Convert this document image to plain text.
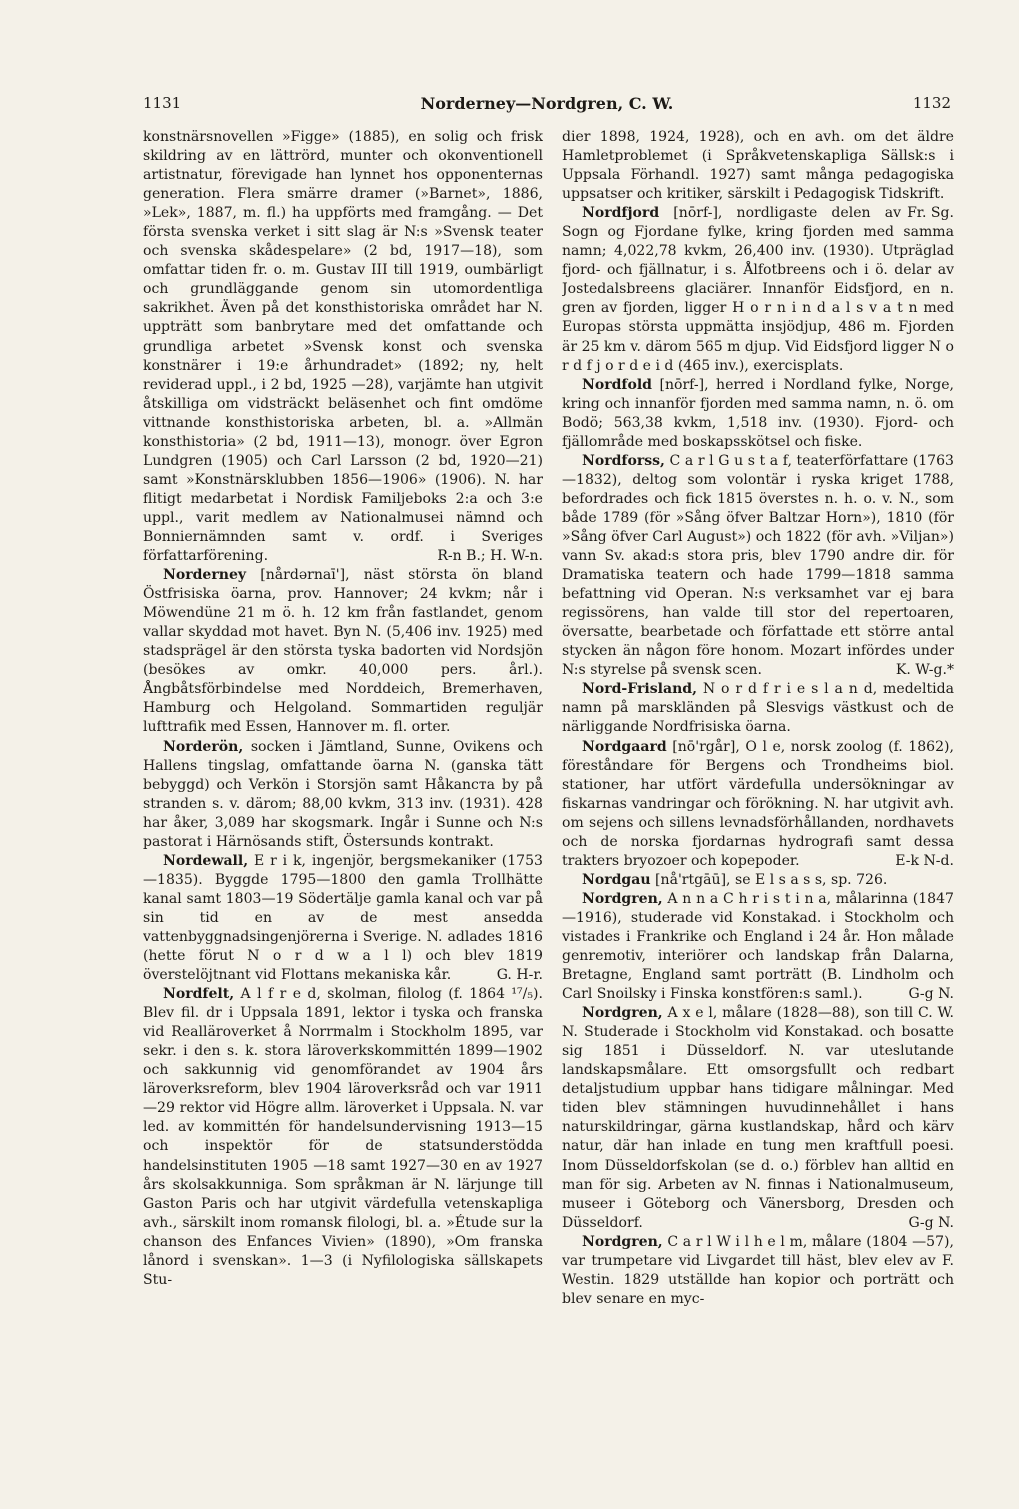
1131	Norderney—Nordgren, C. W.	1132

konstnärsnovellen »Figge» (1885), en solig och frisk skildring av en lättrörd, munter och okonventionell artistnatur, förevigade han lynnet hos opponenternas generation. Flera smärre dramer (»Barnet», 1886, »Lek», 1887, m. fl.) ha uppförts med framgång. — Det första svenska verket i sitt slag är N:s »Svensk teater och svenska skådespelare» (2 bd, 1917—18), som omfattar tiden fr. o. m. Gustav III till 1919, oumbärligt och grundläggande genom sin utomordentliga sakrikhet. Även på det konsthistoriska området har N. uppträtt som banbrytare med det omfattande och grundliga arbetet »Svensk konst och svenska konstnärer i 19:e århundradet» (1892; ny, helt reviderad uppl., i 2 bd, 1925 —28), varjämte han utgivit åtskilliga om vidsträckt beläsenhet och fint omdöme vittnande konsthistoriska arbeten, bl. a. »Allmän konsthistoria» (2 bd, 1911—13), monogr. över Egron Lundgren (1905) och Carl Larsson (2 bd, 1920—21) samt »Konstnärsklubben 1856—1906» (1906). N. har flitigt medarbetat i Nordisk Familjeboks 2:a och 3:e uppl., varit medlem av Nationalmusei nämnd och Bonniernämnden samt v. ordf. i Sveriges författarförening.	R-n B.; H. W-n.

Norderney [nårdərnaī'], näst största ön bland Östfrisiska öarna, prov. Hannover; 24 kvkm; når i Möwendüne 21 m ö. h. 12 km från fastlandet, genom vallar skyddad mot havet. Byn N. (5,406 inv. 1925) med stadsprägel är den största tyska badorten vid Nordsjön (besökes av omkr. 40,000 pers. årl.). Ångbåtsförbindelse med Norddeich, Bremerhaven, Hamburg och Helgoland. Sommartiden reguljär lufttrafik med Essen, Hannover m. fl. orter.

Norderön, socken i Jämtland, Sunne, Ovikens och Hallens tingslag, omfattande öarna N. (ganska tätt bebyggd) och Verkön i Storsjön samt Håkanста by på stranden s. v. därom; 88,00 kvkm, 313 inv. (1931). 428 har åker, 3,089 har skogsmark. Ingår i Sunne och N:s pastorat i Härnösands stift, Östersunds kontrakt.

Nordewall, E r i k, ingenjör, bergsmekaniker (1753—1835). Byggde 1795—1800 den gamla Trollhätte kanal samt 1803—19 Södertälje gamla kanal och var på sin tid en av de mest ansedda vattenbyggnadsingenjörerna i Sverige. N. adlades 1816 (hette förut N o r d w a l l) och blev 1819 överstelöjtnant vid Flottans mekaniska kår.	G. H-r.

Nordfelt, A l f r e d, skolman, filolog (f. 1864 ¹⁷/₅). Blev fil. dr i Uppsala 1891, lektor i tyska och franska vid Realläroverket å Norrmalm i Stockholm 1895, var sekr. i den s. k. stora läroverkskommittén 1899—1902 och sakkunnig vid genomförandet av 1904 års läroverksreform, blev 1904 läroverksråd och var 1911—29 rektor vid Högre allm. läroverket i Uppsala. N. var led. av kommittén för handelsundervisning 1913—15 och inspektör för de statsunderstödda handelsinstituten 1905 —18 samt 1927—30 en av 1927 års skolsakkunniga. Som språkman är N. lärjunge till Gaston Paris och har utgivit värdefulla vetenskapliga avh., särskilt inom romansk filologi, bl. a. »Étude sur la chanson des Enfances Vivien» (1890), »Om franska lånord i svenskan». 1—3 (i Nyfilologiska sällskapets Stu-

dier 1898, 1924, 1928), och en avh. om det äldre Hamletproblemet (i Språkvetenskapliga Sällsk:s i Uppsala Förhandl. 1927) samt många pedagogiska uppsatser och kritiker, särskilt i Pedagogisk Tidskrift.
Fr. Sg.

Nordfjord [nōrf-], nordligaste delen av Sogn og Fjordane fylke, kring fjorden med samma namn; 4,022,78 kvkm, 26,400 inv. (1930). Utpräglad fjord- och fjällnatur, i s. Ålfotbreens och i ö. delar av Jostedalsbreens glaciärer. Innanför Eidsfjord, en n. gren av fjorden, ligger H o r n i n d a l s v a t n med Europas största uppmätta insjödjup, 486 m. Fjorden är 25 km v. därom 565 m djup. Vid Eidsfjord ligger N o r d f j o r d e i d (465 inv.), exercisplats.

Nordfold [nōrf-], herred i Nordland fylke, Norge, kring och innanför fjorden med samma namn, n. ö. om Bodö; 563,38 kvkm, 1,518 inv. (1930). Fjord- och fjällområde med boskapsskötsel och fiske.

Nordforss, C a r l G u s t a f, teaterförfattare (1763—1832), deltog som volontär i ryska kriget 1788, befordrades och fick 1815 överstes n. h. o. v. N., som både 1789 (för »Sång öfver Baltzar Horn»), 1810 (för »Sång öfver Carl August») och 1822 (för avh. »Viljan») vann Sv. akad:s stora pris, blev 1790 andre dir. för Dramatiska teatern och hade 1799—1818 samma befattning vid Operan. N:s verksamhet var ej bara regissörens, han valde till stor del repertoaren, översatte, bearbetade och författade ett större antal stycken än någon före honom. Mozart infördes under N:s styrelse på svensk scen.	K. W-g.*

Nord-Frisland, N o r d f r i e s l a n d, medeltida namn på marskländen på Slesvigs västkust och de närliggande Nordfrisiska öarna.

Nordgaard [nō'rgår], O l e, norsk zoolog (f. 1862), föreståndare för Bergens och Trondheims biol. stationer, har utfört värdefulla undersökningar av fiskarnas vandringar och förökning. N. har utgivit avh. om sejens och sillens levnadsförhållanden, nordhavets och de norska fjordarnas hydrografi samt dessa trakters bryozoer och kopepoder.	E-k N-d.

Nordgau [nå'rtgāū], se E l s a s s, sp. 726.

Nordgren, A n n a C h r i s t i n a, målarinna (1847—1916), studerade vid Konstakad. i Stockholm och vistades i Frankrike och England i 24 år. Hon målade genremotiv, interiörer och landskap från Dalarna, Bretagne, England samt porträtt (B. Lindholm och Carl Snoilsky i Finska konstfören:s saml.).	G-g N.

Nordgren, A x e l, målare (1828—88), son till C. W. N. Studerade i Stockholm vid Konstakad. och bosatte sig 1851 i Düsseldorf. N. var uteslutande landskapsmålare. Ett omsorgsfullt och redbart detaljstudium uppbar hans tidigare målningar. Med tiden blev stämningen huvudinnehållet i hans naturskildringar, gärna kustlandskap, hård och kärv natur, där han inlade en tung men kraftfull poesi. Inom Düsseldorfskolan (se d. o.) förblev han alltid en man för sig. Arbeten av N. finnas i Nationalmuseum, museer i Göteborg och Vänersborg, Dresden och Düsseldorf.	G-g N.

Nordgren, C a r l W i l h e l m, målare (1804 —57), var trumpetare vid Livgardet till häst, blev elev av F. Westin. 1829 utställde han kopior och porträtt och blev senare en myc-
